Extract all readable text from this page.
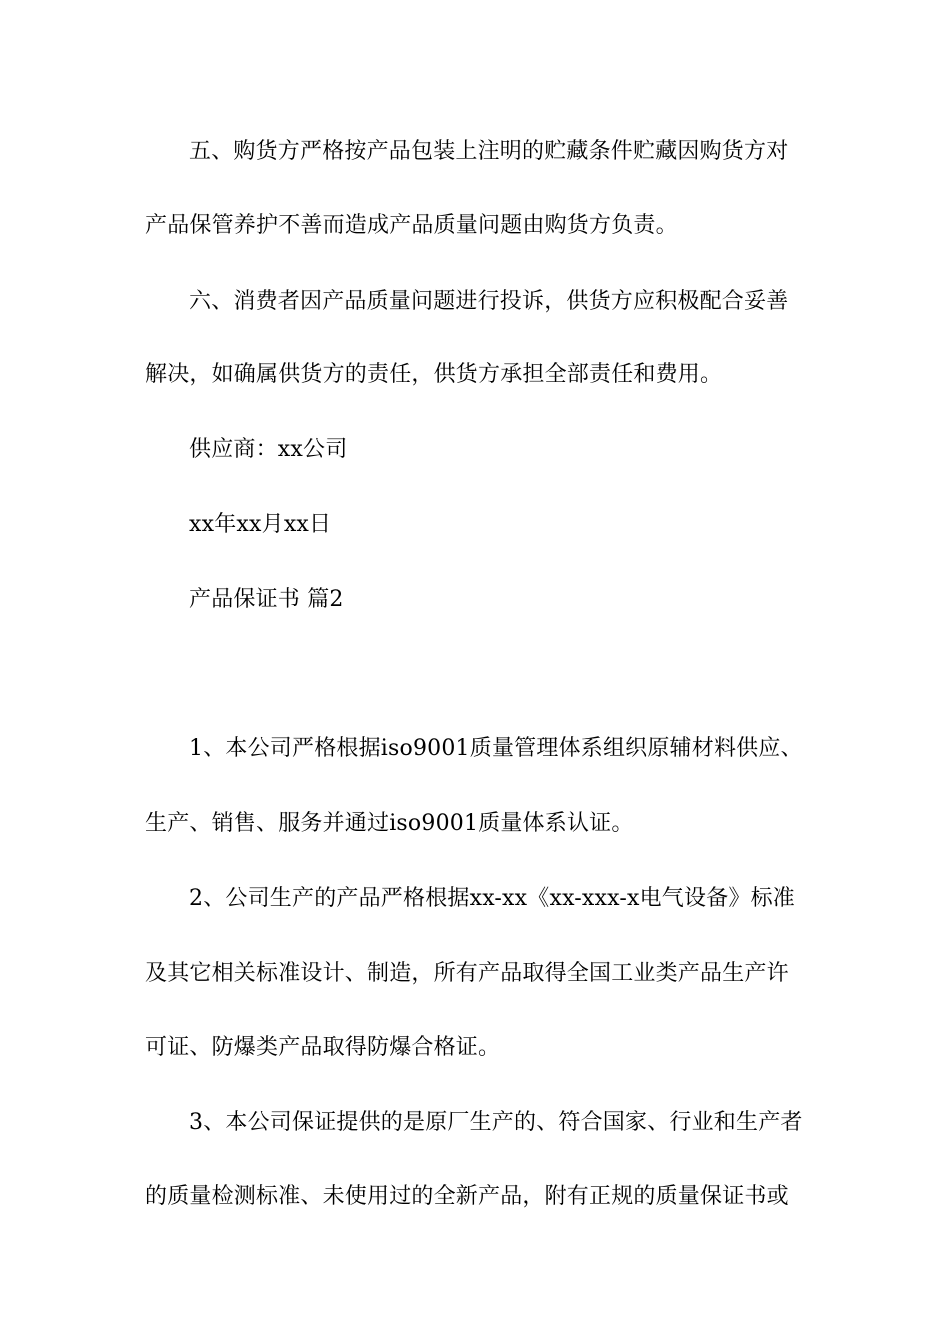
五、购货方严格按产品包装上注明的贮藏条件贮藏因购货方对
产品保管养护不善而造成产品质量问题由购货方负责。
六、消费者因产品质量问题进行投诉，供货方应积极配合妥善
解决，如确属供货方的责任，供货方承担全部责任和费用。
供应商：xx公司
xx年xx月xx日
产品保证书 篇2
1、本公司严格根据iso9001质量管理体系组织原辅材料供应、
生产、销售、服务并通过iso9001质量体系认证。
2、公司生产的产品严格根据xx-xx《xx-xxx-x电气设备》标准
及其它相关标准设计、制造，所有产品取得全国工业类产品生产许
可证、防爆类产品取得防爆合格证。
3、本公司保证提供的是原厂生产的、符合国家、行业和生产者
的质量检测标准、未使用过的全新产品，附有正规的质量保证书或
